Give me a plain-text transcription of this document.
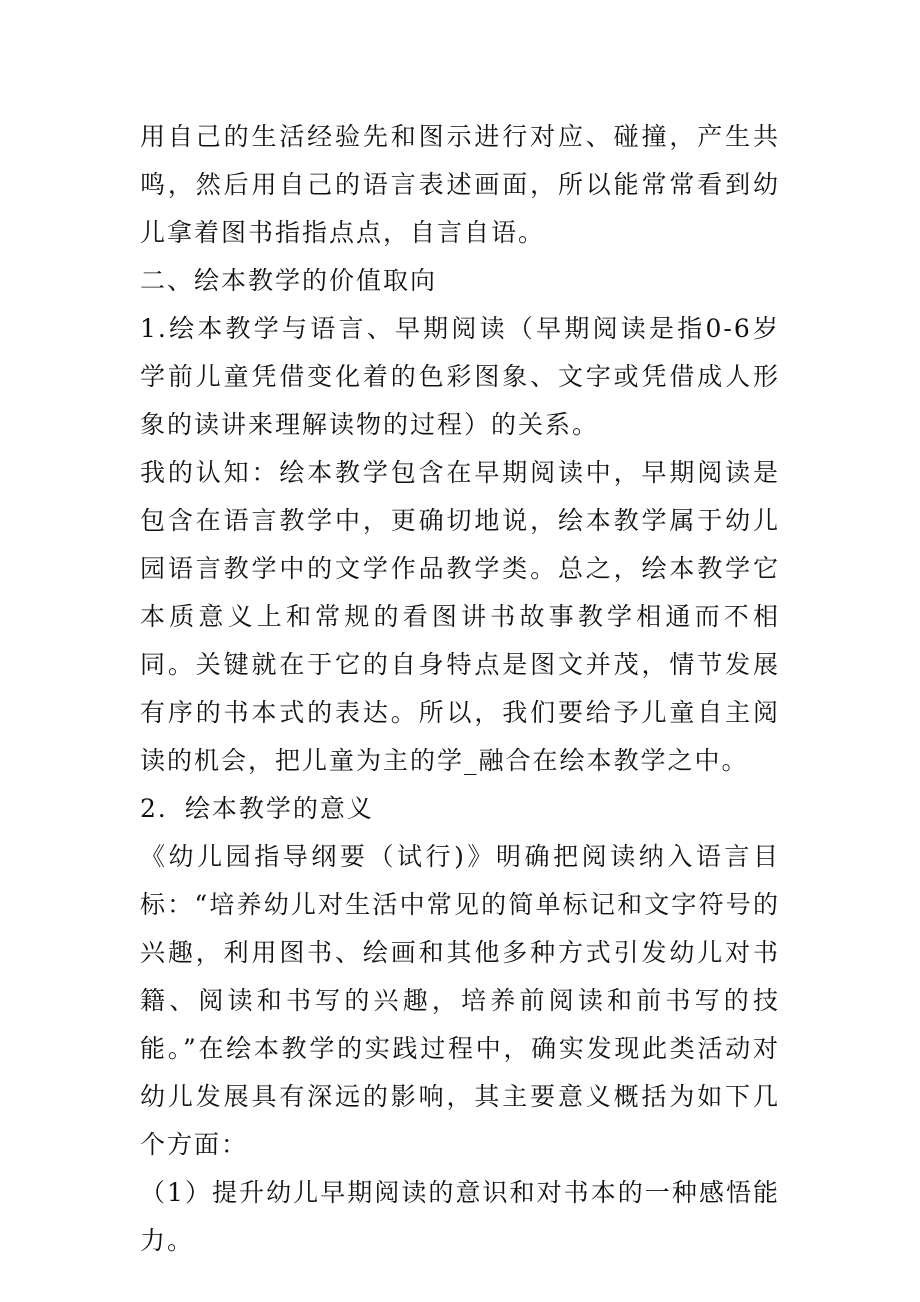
用自己的生活经验先和图示进行对应、碰撞，产生共鸣，然后用自己的语言表述画面，所以能常常看到幼儿拿着图书指指点点，自言自语。

二、绘本教学的价值取向

1.绘本教学与语言、早期阅读（早期阅读是指0-6岁学前儿童凭借变化着的色彩图象、文字或凭借成人形象的读讲来理解读物的过程）的关系。

我的认知：绘本教学包含在早期阅读中，早期阅读是包含在语言教学中，更确切地说，绘本教学属于幼儿园语言教学中的文学作品教学类。总之，绘本教学它本质意义上和常规的看图讲书故事教学相通而不相同。关键就在于它的自身特点是图文并茂，情节发展有序的书本式的表达。所以，我们要给予儿童自主阅读的机会，把儿童为主的学_融合在绘本教学之中。

2．绘本教学的意义

《幼儿园指导纲要（试行)》明确把阅读纳入语言目标：“培养幼儿对生活中常见的简单标记和文字符号的兴趣，利用图书、绘画和其他多种方式引发幼儿对书籍、阅读和书写的兴趣，培养前阅读和前书写的技能。”在绘本教学的实践过程中，确实发现此类活动对幼儿发展具有深远的影响，其主要意义概括为如下几个方面：

（1）提升幼儿早期阅读的意识和对书本的一种感悟能力。
